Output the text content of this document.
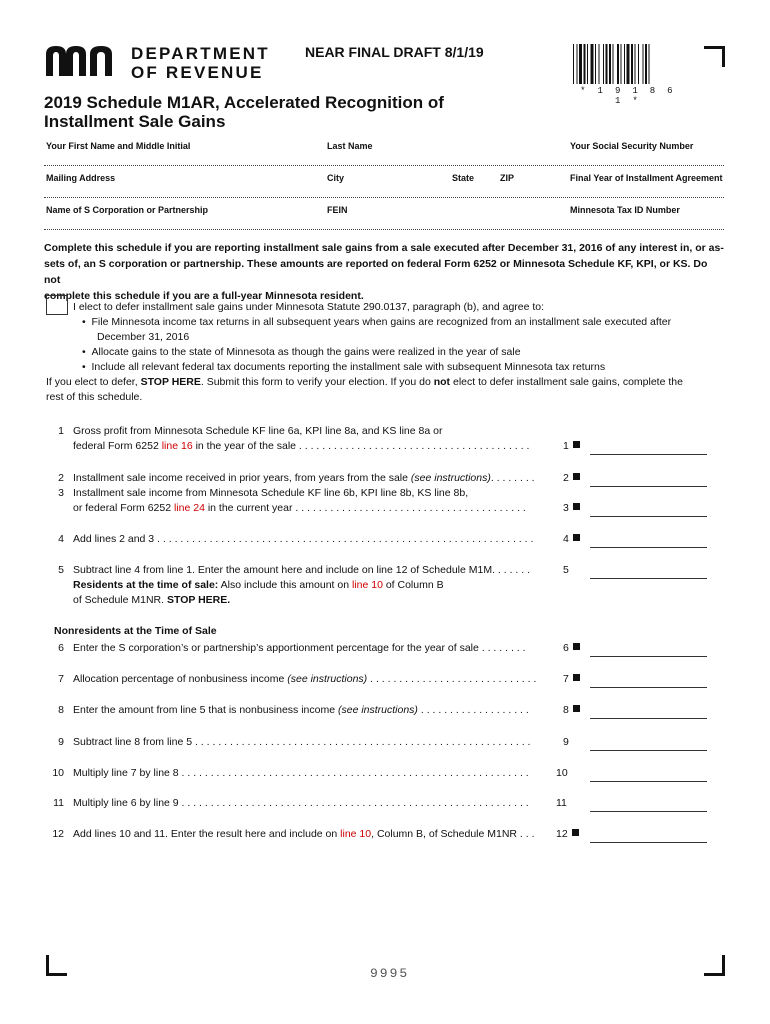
DEPARTMENT
OF REVENUE
NEAR FINAL DRAFT 8/1/19
* 1 9 1 8 6 1 *
2019 Schedule M1AR, Accelerated Recognition of
Installment Sale Gains
Your First Name and Middle Initial	Last Name	Your Social Security Number
Mailing Address	City	State	ZIP	Final Year of Installment Agreement
Name of S Corporation or Partnership	FEIN	Minnesota Tax ID Number
Complete this schedule if you are reporting installment sale gains from a sale executed after December 31, 2016 of any interest in, or as-
sets of, an S corporation or partnership. These amounts are reported on federal Form 6252 or Minnesota Schedule KF, KPI, or KS. Do not
complete this schedule if you are a full-year Minnesota resident.
I elect to defer installment sale gains under Minnesota Statute 290.0137, paragraph (b), and agree to:
•  File Minnesota income tax returns in all subsequent years when gains are recognized from an installment sale executed after
December 31, 2016
•  Allocate gains to the state of Minnesota as though the gains were realized in the year of sale
•  Include all relevant federal tax documents reporting the installment sale with subsequent Minnesota tax returns
If you elect to defer, STOP HERE. Submit this form to verify your election. If you do not elect to defer installment sale gains, complete the
rest of this schedule.
1 Gross profit from Minnesota Schedule KF line 6a, KPI line 8a, and KS line 8a or
federal Form 6252 line 16 in the year of the sale . . . . . . . . . . . . . . . . . . . . . . . . . . . . . . . . . . . . . . . .	1
2 Installment sale income received in prior years, from years from the sale (see instructions). . . . . . . .	2
3 Installment sale income from Minnesota Schedule KF line 6b, KPI line 8b, KS line 8b,
or federal Form 6252 line 24 in the current year . . . . . . . . . . . . . . . . . . . . . . . . . . . . . . . . . . . . . . . .	3
4 Add lines 2 and 3 . . . . . . . . . . . . . . . . . . . . . . . . . . . . . . . . . . . . . . . . . . . . . . . . . . . . . . . . . . . . . . . . .	4
5 Subtract line 4 from line 1. Enter the amount here and include on line 12 of Schedule M1M. . . . . . .
Residents at the time of sale: Also include this amount on line 10 of Column B
of Schedule M1NR. STOP HERE.
5
Nonresidents at the Time of Sale
6 Enter the S corporation’s or partnership’s apportionment percentage for the year of sale . . . . . . . .	6
7 Allocation percentage of nonbusiness income (see instructions) . . . . . . . . . . . . . . . . . . . . . . . . . . . . .	7
8 Enter the amount from line 5 that is nonbusiness income (see instructions) . . . . . . . . . . . . . . . . . . .	8
9 Subtract line 8 from line 5 . . . . . . . . . . . . . . . . . . . . . . . . . . . . . . . . . . . . . . . . . . . . . . . . . . . . . . . . . .	9
10 Multiply line 7 by line 8 . . . . . . . . . . . . . . . . . . . . . . . . . . . . . . . . . . . . . . . . . . . . . . . . . . . . . . . . . . . .	10
11 Multiply line 6 by line 9 . . . . . . . . . . . . . . . . . . . . . . . . . . . . . . . . . . . . . . . . . . . . . . . . . . . . . . . . . . . .	11
12 Add lines 10 and 11. Enter the result here and include on line 10, Column B, of Schedule M1NR . . . 12
9995
